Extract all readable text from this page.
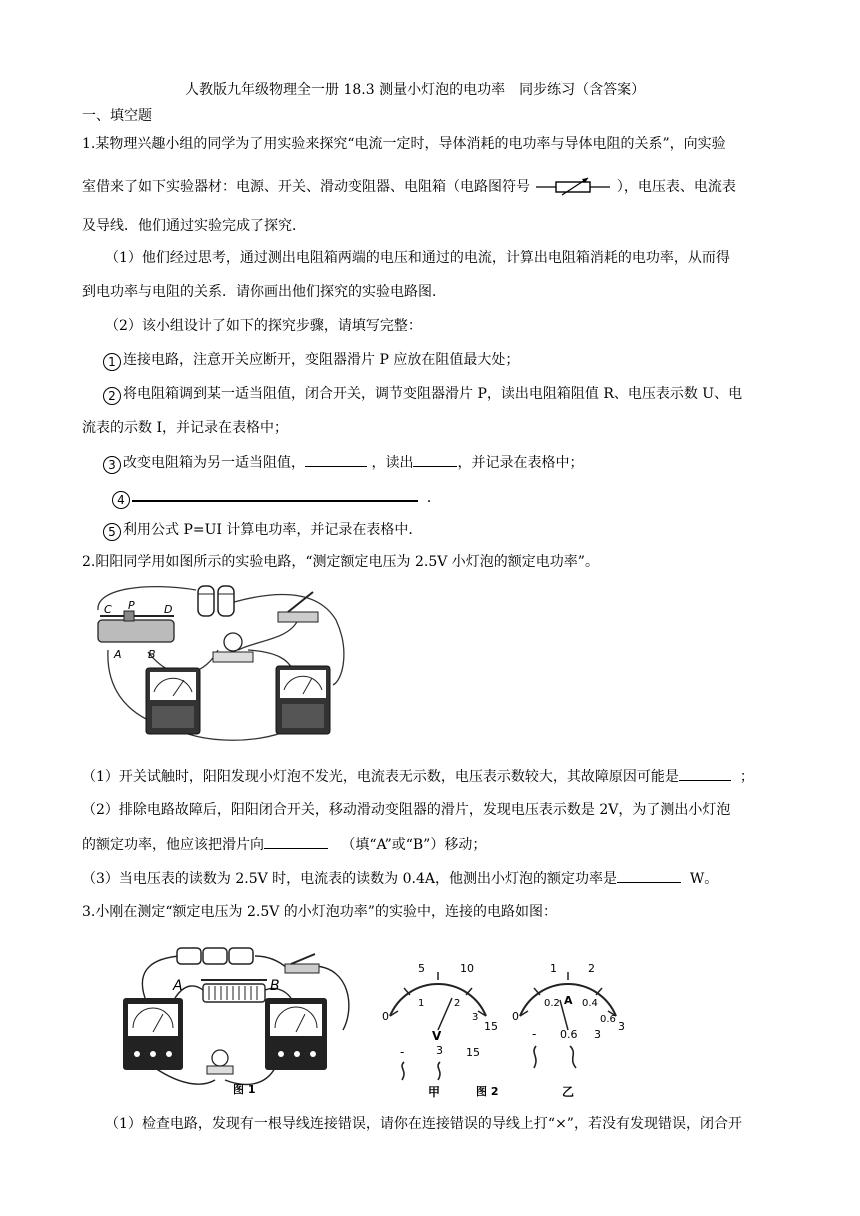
人教版九年级物理全一册 18.3 测量小灯泡的电功率　同步练习（含答案）
一、填空题
1.某物理兴趣小组的同学为了用实验来探究“电流一定时，导体消耗的电功率与导体电阻的关系”，向实验
室借来了如下实验器材：电源、开关、滑动变阻器、电阻箱（电路图符号	），电压表、电流表
及导线．他们通过实验完成了探究．
（1）他们经过思考，通过测出电阻箱两端的电压和通过的电流，计算出电阻箱消耗的电功率，从而得
到电功率与电阻的关系．请你画出他们探究的实验电路图．
（2）该小组设计了如下的探究步骤，请填写完整：
1 连接电路，注意开关应断开，变阻器滑片 P 应放在阻值最大处；
2 将电阻箱调到某一适当阻值，闭合开关，调节变阻器滑片 P，读出电阻箱阻值 R、电压表示数 U、电
流表的示数 I，并记录在表格中；
3 改变电阻箱为另一适当阻值，	，读出	，并记录在表格中；
4	．
5 利用公式 P=UI 计算电功率，并记录在表格中．
2.阳阳同学用如图所示的实验电路，“测定额定电压为 2.5V 小灯泡的额定电功率”。
C P	D
A B
（1）开关试触时，阳阳发现小灯泡不发光，电流表无示数，电压表示数较大，其故障原因可能是	；
（2）排除电路故障后，阳阳闭合开关，移动滑动变阻器的滑片，发现电压表示数是 2V，为了测出小灯泡
的额定功率，他应该把滑片向	（填“A”或“B”）移动；
（3）当电压表的读数为 2.5V 时，电流表的读数为 0.4A，他测出小灯泡的额定功率是	W。
3.小刚在测定“额定电压为 2.5V 的小灯泡功率”的实验中，连接的电路如图：
A	B
图 1
0
5	10
15
1	2
3
V
-	3 15
甲
0
1	2
3
0.2 0.4
0.6
A
- 0.6 3
乙
图 2
（1）检查电路，发现有一根导线连接错误，请你在连接错误的导线上打“×”，若没有发现错误，闭合开
